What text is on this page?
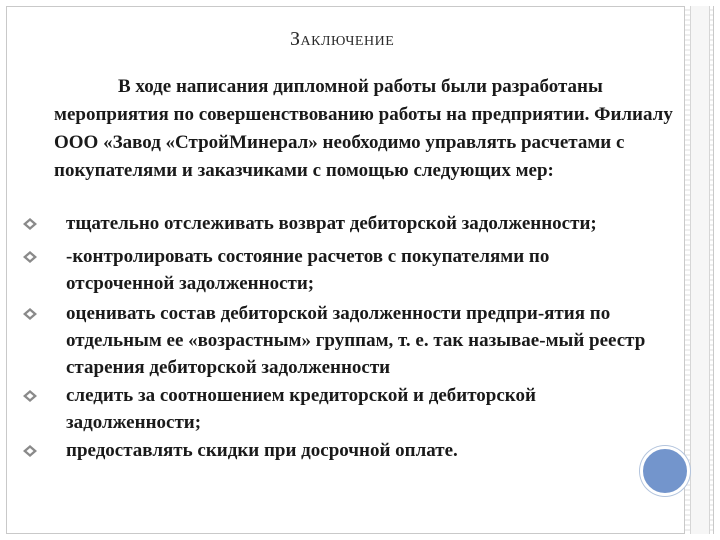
Заключение
В ходе написания дипломной работы были разработаны мероприятия по совершенствованию работы на предприятии. Филиалу ООО «Завод «СтройМинерал» необходимо управлять расчетами с покупателями и заказчиками с помощью следующих мер:
тщательно отслеживать возврат дебиторской задолженности;
-контролировать состояние расчетов с покупателями по отсроченной задолженности;
оценивать состав дебиторской задолженности предпри-ятия по отдельным ее «возрастным» группам, т. е. так называе-мый реестр старения дебиторской задолженности
следить за соотношением кредиторской и дебиторской задолженности;
предоставлять скидки при досрочной оплате.
